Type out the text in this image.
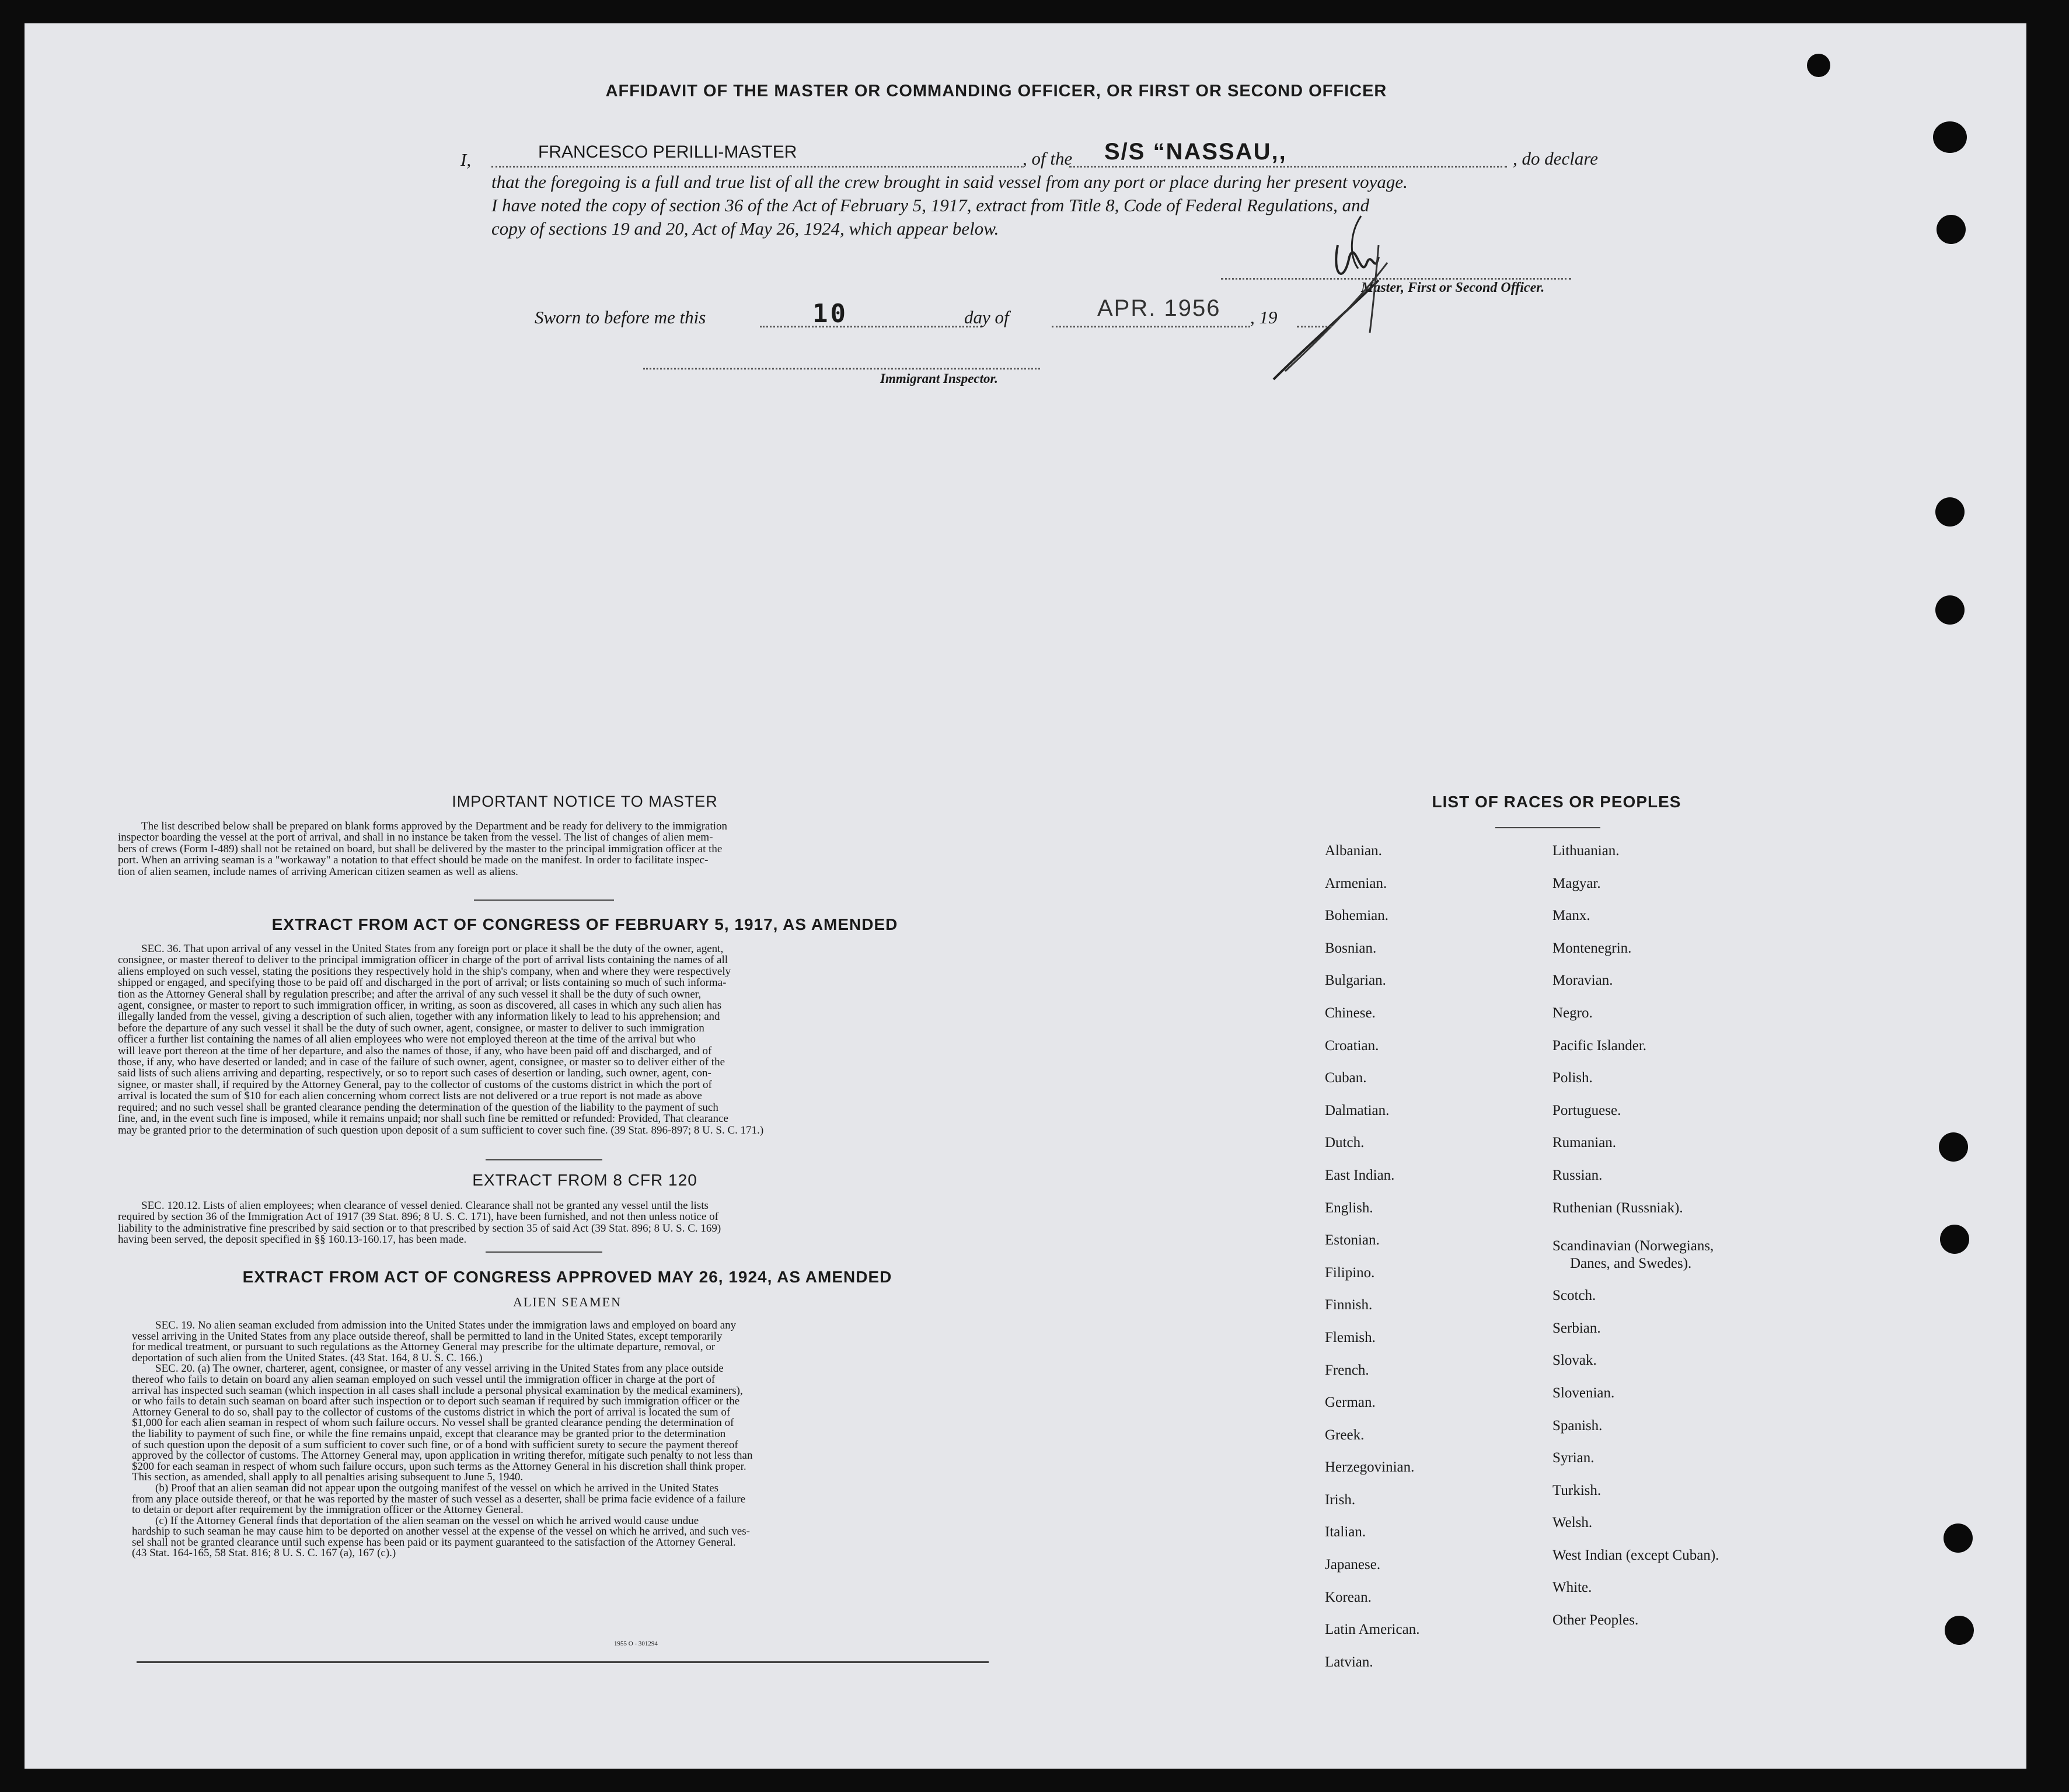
AFFIDAVIT OF THE MASTER OR COMMANDING OFFICER, OR FIRST OR SECOND OFFICER
I,	FRANCESCO PERILLI-MASTER	, of the S/S “NASSAU,,	, do declare
that the foregoing is a full and true list of all the crew brought in said vessel from any port or place during her present voyage.
I have noted the copy of section 36 of the Act of February 5, 1917, extract from Title 8, Code of Federal Regulations, and
copy of sections 19 and 20, Act of May 26, 1924, which appear below.
Master, First or Second Officer.
Sworn to before me this	10	day of	APR. 1956 , 19
Immigrant Inspector.
IMPORTANT NOTICE TO MASTER
The list described below shall be prepared on blank forms approved by the Department and be ready for delivery to the immigration
inspector boarding the vessel at the port of arrival, and shall in no instance be taken from the vessel. The list of changes of alien mem-
bers of crews (Form I-489) shall not be retained on board, but shall be delivered by the master to the principal immigration officer at the
port. When an arriving seaman is a "workaway" a notation to that effect should be made on the manifest. In order to facilitate inspec-
tion of alien seamen, include names of arriving American citizen seamen as well as aliens.
EXTRACT FROM ACT OF CONGRESS OF FEBRUARY 5, 1917, AS AMENDED
SEC. 36. That upon arrival of any vessel in the United States from any foreign port or place it shall be the duty of the owner, agent,
consignee, or master thereof to deliver to the principal immigration officer in charge of the port of arrival lists containing the names of all
aliens employed on such vessel, stating the positions they respectively hold in the ship's company, when and where they were respectively
shipped or engaged, and specifying those to be paid off and discharged in the port of arrival; or lists containing so much of such informa-
tion as the Attorney General shall by regulation prescribe; and after the arrival of any such vessel it shall be the duty of such owner,
agent, consignee, or master to report to such immigration officer, in writing, as soon as discovered, all cases in which any such alien has
illegally landed from the vessel, giving a description of such alien, together with any information likely to lead to his apprehension; and
before the departure of any such vessel it shall be the duty of such owner, agent, consignee, or master to deliver to such immigration
officer a further list containing the names of all alien employees who were not employed thereon at the time of the arrival but who
will leave port thereon at the time of her departure, and also the names of those, if any, who have been paid off and discharged, and of
those, if any, who have deserted or landed; and in case of the failure of such owner, agent, consignee, or master so to deliver either of the
said lists of such aliens arriving and departing, respectively, or so to report such cases of desertion or landing, such owner, agent, con-
signee, or master shall, if required by the Attorney General, pay to the collector of customs of the customs district in which the port of
arrival is located the sum of $10 for each alien concerning whom correct lists are not delivered or a true report is not made as above
required; and no such vessel shall be granted clearance pending the determination of the question of the liability to the payment of such
fine, and, in the event such fine is imposed, while it remains unpaid; nor shall such fine be remitted or refunded: Provided, That clearance
may be granted prior to the determination of such question upon deposit of a sum sufficient to cover such fine. (39 Stat. 896-897; 8 U. S. C. 171.)
EXTRACT FROM 8 CFR 120
SEC. 120.12. Lists of alien employees; when clearance of vessel denied. Clearance shall not be granted any vessel until the lists
required by section 36 of the Immigration Act of 1917 (39 Stat. 896; 8 U. S. C. 171), have been furnished, and not then unless notice of
liability to the administrative fine prescribed by said section or to that prescribed by section 35 of said Act (39 Stat. 896; 8 U. S. C. 169)
having been served, the deposit specified in §§ 160.13-160.17, has been made.
EXTRACT FROM ACT OF CONGRESS APPROVED MAY 26, 1924, AS AMENDED
ALIEN SEAMEN
SEC. 19. No alien seaman excluded from admission into the United States under the immigration laws and employed on board any
vessel arriving in the United States from any place outside thereof, shall be permitted to land in the United States, except temporarily
for medical treatment, or pursuant to such regulations as the Attorney General may prescribe for the ultimate departure, removal, or
deportation of such alien from the United States. (43 Stat. 164, 8 U. S. C. 166.)
SEC. 20. (a) The owner, charterer, agent, consignee, or master of any vessel arriving in the United States from any place outside
thereof who fails to detain on board any alien seaman employed on such vessel until the immigration officer in charge at the port of
arrival has inspected such seaman (which inspection in all cases shall include a personal physical examination by the medical examiners),
or who fails to detain such seaman on board after such inspection or to deport such seaman if required by such immigration officer or the
Attorney General to do so, shall pay to the collector of customs of the customs district in which the port of arrival is located the sum of
$1,000 for each alien seaman in respect of whom such failure occurs. No vessel shall be granted clearance pending the determination of
the liability to payment of such fine, or while the fine remains unpaid, except that clearance may be granted prior to the determination
of such question upon the deposit of a sum sufficient to cover such fine, or of a bond with sufficient surety to secure the payment thereof
approved by the collector of customs. The Attorney General may, upon application in writing therefor, mitigate such penalty to not less than
$200 for each seaman in respect of whom such failure occurs, upon such terms as the Attorney General in his discretion shall think proper.
This section, as amended, shall apply to all penalties arising subsequent to June 5, 1940.
(b) Proof that an alien seaman did not appear upon the outgoing manifest of the vessel on which he arrived in the United States
from any place outside thereof, or that he was reported by the master of such vessel as a deserter, shall be prima facie evidence of a failure
to detain or deport after requirement by the immigration officer or the Attorney General.
(c) If the Attorney General finds that deportation of the alien seaman on the vessel on which he arrived would cause undue
hardship to such seaman he may cause him to be deported on another vessel at the expense of the vessel on which he arrived, and such ves-
sel shall not be granted clearance until such expense has been paid or its payment guaranteed to the satisfaction of the Attorney General.
(43 Stat. 164-165, 58 Stat. 816; 8 U. S. C. 167 (a), 167 (c).)
1955 O - 301294
LIST OF RACES OR PEOPLES
Albanian.
Armenian.
Bohemian.
Bosnian.
Bulgarian.
Chinese.
Croatian.
Cuban.
Dalmatian.
Dutch.
East Indian.
English.
Estonian.
Filipino.
Finnish.
Flemish.
French.
German.
Greek.
Herzegovinian.
Irish.
Italian.
Japanese.
Korean.
Latin American.
Latvian.
Lithuanian.
Magyar.
Manx.
Montenegrin.
Moravian.
Negro.
Pacific Islander.
Polish.
Portuguese.
Rumanian.
Russian.
Ruthenian (Russniak).
Scandinavian (Norwegians,
Danes, and Swedes).
Scotch.
Serbian.
Slovak.
Slovenian.
Spanish.
Syrian.
Turkish.
Welsh.
West Indian (except Cuban).
White.
Other Peoples.
